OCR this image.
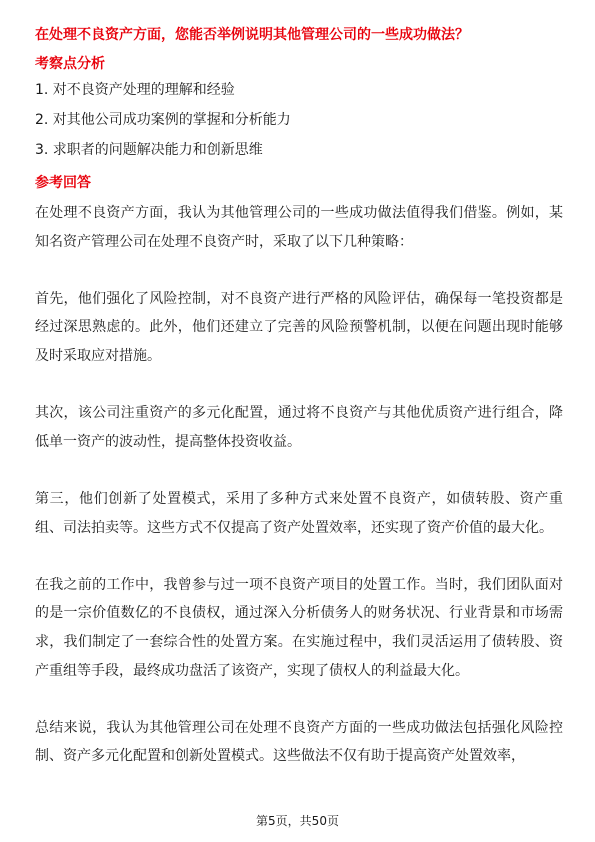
在处理不良资产方面，您能否举例说明其他管理公司的一些成功做法？
考察点分析
1. 对不良资产处理的理解和经验
2. 对其他公司成功案例的掌握和分析能力
3. 求职者的问题解决能力和创新思维
参考回答

在处理不良资产方面，我认为其他管理公司的一些成功做法值得我们借鉴。例如，某知名资产管理公司在处理不良资产时，采取了以下几种策略：

首先，他们强化了风险控制，对不良资产进行严格的风险评估，确保每一笔投资都是经过深思熟虑的。此外，他们还建立了完善的风险预警机制，以便在问题出现时能够及时采取应对措施。

其次，该公司注重资产的多元化配置，通过将不良资产与其他优质资产进行组合，降低单一资产的波动性，提高整体投资收益。

第三，他们创新了处置模式，采用了多种方式来处置不良资产，如债转股、资产重组、司法拍卖等。这些方式不仅提高了资产处置效率，还实现了资产价值的最大化。

在我之前的工作中，我曾参与过一项不良资产项目的处置工作。当时，我们团队面对的是一宗价值数亿的不良债权，通过深入分析债务人的财务状况、行业背景和市场需求，我们制定了一套综合性的处置方案。在实施过程中，我们灵活运用了债转股、资产重组等手段，最终成功盘活了该资产，实现了债权人的利益最大化。

总结来说，我认为其他管理公司在处理不良资产方面的一些成功做法包括强化风险控制、资产多元化配置和创新处置模式。这些做法不仅有助于提高资产处置效率，

第5页，共50页
